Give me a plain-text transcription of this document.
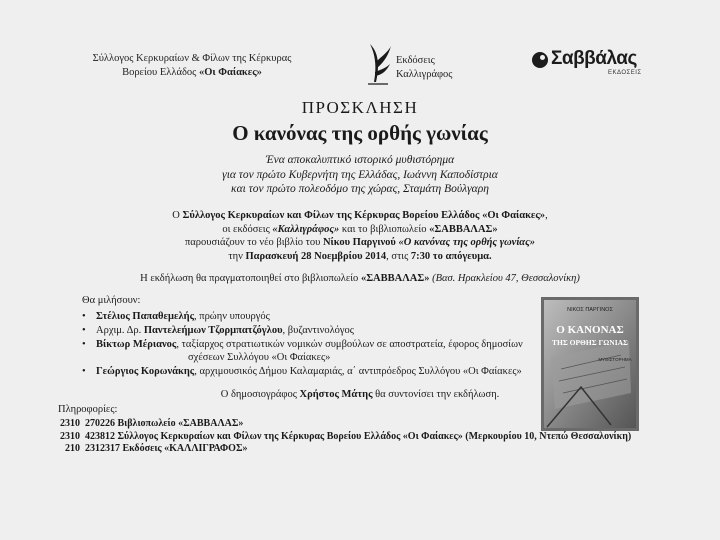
Σύλλογος Κερκυραίων & Φίλων της Κέρκυρας
Βορείου Ελλάδος «Οι Φαίακες»
Εκδόσεις
Καλλιγράφος
Σαββάλας
ΕΚΔΟΣΕΙΣ
ΠΡΟΣΚΛΗΣΗ
Ο κανόνας της ορθής γωνίας
Ένα αποκαλυπτικό ιστορικό μυθιστόρημα
για τον πρώτο Κυβερνήτη της Ελλάδας, Ιωάννη Καποδίστρια
και τον πρώτο πολεοδόμο της χώρας, Σταμάτη Βούλγαρη
Ο Σύλλογος Κερκυραίων και Φίλων της Κέρκυρας Βορείου Ελλάδος «Οι Φαίακες»,
οι εκδόσεις «Καλλιγράφος» και το βιβλιοπωλείο «ΣΑΒΒΑΛΑΣ»
παρουσιάζουν το νέο βιβλίο του Νίκου Παργινού «Ο κανόνας της ορθής γωνίας»
την Παρασκευή 28 Νοεμβρίου 2014, στις 7:30 το απόγευμα.
Η εκδήλωση θα πραγματοποιηθεί στο βιβλιοπωλείο «ΣΑΒΒΑΛΑΣ» (Βασ. Ηρακλείου 47, Θεσσαλονίκη)
Θα μιλήσουν:
• Στέλιος Παπαθεμελής, πρώην υπουργός
• Αρχιμ. Δρ. Παντελεήμων Τζορμπατζόγλου, βυζαντινολόγος
• Βίκτωρ Μέριανος, ταξίαρχος στρατιωτικών νομικών συμβούλων σε αποστρατεία, έφορος δημοσίων
σχέσεων Συλλόγου «Οι Φαίακες»
• Γεώργιος Κορωνάκης, αρχιμουσικός Δήμου Καλαμαριάς, α΄ αντιπρόεδρος Συλλόγου «Οι Φαίακες»
Ο δημοσιογράφος Χρήστος Μάτης θα συντονίσει την εκδήλωση.
Πληροφορίες:
2310 270226 Βιβλιοπωλείο «ΣΑΒΒΑΛΑΣ»
2310 423812 Σύλλογος Κερκυραίων και Φίλων της Κέρκυρας Βορείου Ελλάδος «Οι Φαίακες» (Μερκουρίου 10, Ντεπώ Θεσσαλονίκη)
210 2312317 Εκδόσεις «ΚΑΛΛΙΓΡΑΦΟΣ»
ΝΙΚΟΣ ΠΑΡΓΙΝΟΣ
Ο ΚΑΝΟΝΑΣ
ΤΗΣ ΟΡΘΗΣ ΓΩΝΙΑΣ
ΜΥΘΙΣΤΟΡΗΜΑ
